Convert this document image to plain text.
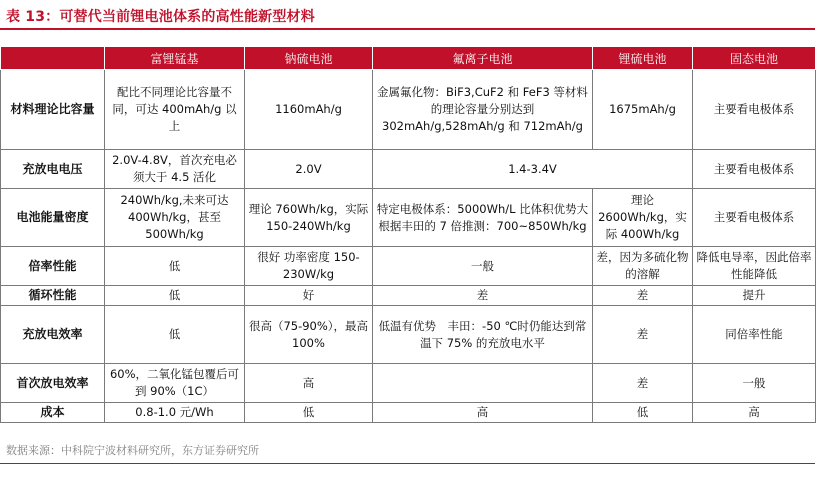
表 13：可替代当前锂电池体系的高性能新型材料
	富锂锰基	钠硫电池	氟离子电池	锂硫电池	固态电池
材料理论比容量	配比不同理论比容量不同，可达 400mAh/g 以上	1160mAh/g	金属氟化物：BiF3,CuF2 和 FeF3 等材料的理论容量分别达到 302mAh/g,528mAh/g 和 712mAh/g	1675mAh/g	主要看电极体系
充放电电压	2.0V-4.8V，首次充电必须大于 4.5 活化	2.0V	1.4-3.4V		主要看电极体系
电池能量密度	240Wh/kg,未来可达 400Wh/kg，甚至 500Wh/kg	理论 760Wh/kg，实际 150-240Wh/kg	特定电极体系：5000Wh/L 比体积优势大　根据丰田的 7 倍推测：700~850Wh/kg	理论 2600Wh/kg，实际 400Wh/kg	主要看电极体系
倍率性能	低	很好 功率密度 150-230W/kg	一般	差，因为多硫化物的溶解	降低电导率，因此倍率性能降低
循环性能	低	好	差	差	提升
充放电效率	低	很高（75-90%），最高 100%	低温有优势　丰田：-50 ℃时仍能达到常温下 75% 的充放电水平	差	同倍率性能
首次放电效率	60%，二氧化锰包覆后可到 90%（1C）	高		差	一般
成本	0.8-1.0 元/Wh	低	高	低	高
数据来源：中科院宁波材料研究所，东方证券研究所
